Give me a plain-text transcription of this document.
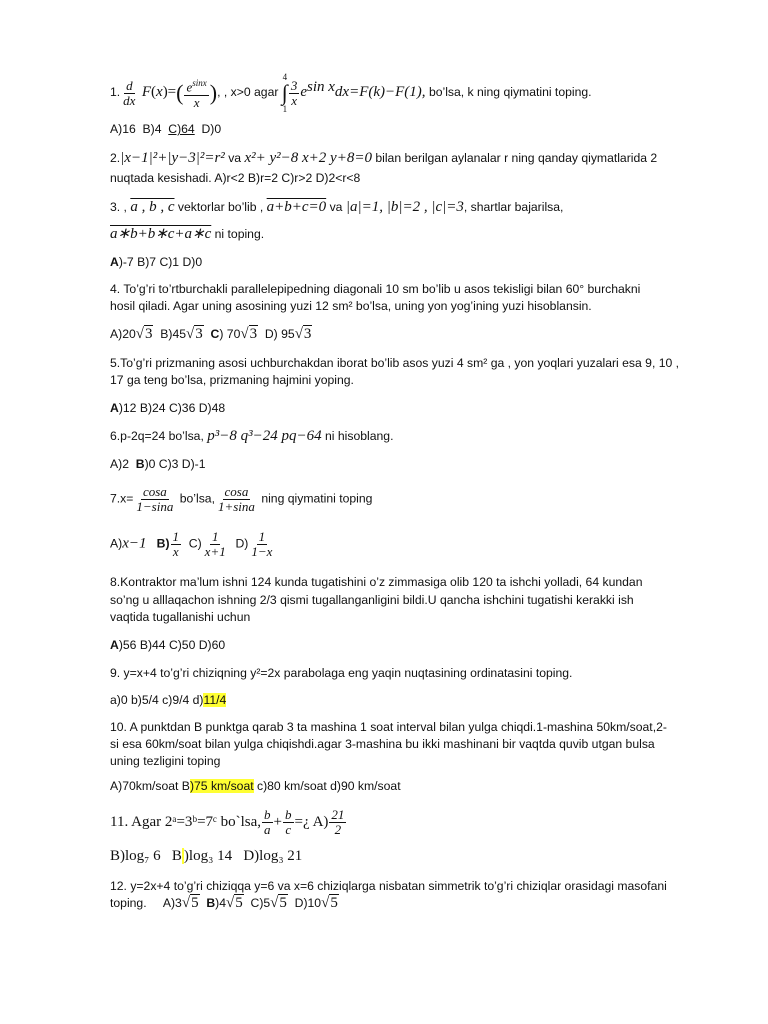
1. $\frac{d}{dx} F(x)=( \frac{e^{sinx}}{x}$ ), , x>0 agar
4
∫
1
$\frac{3}{x} e^{sin x}dx=F(k)-F(1)$, bo’lsa, k ning qiymatini toping.
A)16 B)4 C)64 D)0
2.|x−1|²+|y−3|²=r² va x²+ y²−8 x+2 y+8=0 bilan berilgan aylanalar r ning qanday qiymatlarida 2
nuqtada kesishadi. A)r<2 B)r=2 C)r>2 D)2<r<8
3. , a , b , c vektorlar bo’lib , a+b+c=0 va |a|=1, |b|=2 , |c|=3, shartlar bajarilsa,
a∗b+b∗c+a∗c ni toping.
A)-7 B)7 C)1 D)0
4. To’g’ri to’rtburchakli parallelepipedning diagonali 10 sm bo’lib u asos tekisligi bilan 60° burchakni
hosil qiladi. Agar uning asosining yuzi 12 sm² bo’lsa, uning yon yog’ining yuzi hisoblansin.
A)20√3 B)45√3 C) 70√3 D) 95√3
5.To’g’ri prizmaning asosi uchburchakdan iborat bo’lib asos yuzi 4 sm² ga , yon yoqlari yuzalari esa 9, 10 ,
17 ga teng bo’lsa, prizmaning hajmini yoping.
A)12 B)24 C)36 D)48
6.p-2q=24 bo’lsa, p³−8 q³−24 pq−64 ni hisoblang.
A)2 B)0 C)3 D)-1
$7.x= \frac{\cos a}{1-\sin a}$ bo’lsa, $\frac{\cos a}{1+\sin a}$ ning qiymatini toping
A)x−1 $B) \frac{1}{x} C) \frac{1}{x+1} D) \frac{1}{1-x}$
8.Kontraktor ma’lum ishni 124 kunda tugatishini o’z zimmasiga olib 120 ta ishchi yolladi, 64 kundan
so’ng u alllaqachon ishning 2/3 qismi tugallanganligini bildi.U qancha ishchini tugatishi kerakki ish
vaqtida tugallanishi uchun
A)56 B)44 C)50 D)60
9. y=x+4 to’g’ri chiziqning y²=2x parabolaga eng yaqin nuqtasining ordinatasini toping.
a)0 b)5/4 c)9/4 d)11/4
10. A punktdan B punktga qarab 3 ta mashina 1 soat interval bilan yulga chiqdi.1-mashina 50km/soat,2-
si esa 60km/soat bilan yulga chiqishdi.agar 3-mashina bu ikki mashinani bir vaqtda quvib utgan bulsa
uning tezligini toping
A)70km/soat B)75 km/soat c)80 km/soat d)90 km/soat
11. Agar 2ᵃ=3ᵇ=7ᶜ bo`lsa, $\frac{b}{a} + \frac{b}{c}$ =¿ $A) \frac{21}{2}$
B)log₇ 6 B )log₃ 14 D)log₃ 21
12. y=2x+4 to’g’ri chiziqqa y=6 va x=6 chiziqlarga nisbatan simmetrik to’g’ri chiziqlar orasidagi masofani
toping. A)3√5 B)4√5 C)5√5 D)10√5
